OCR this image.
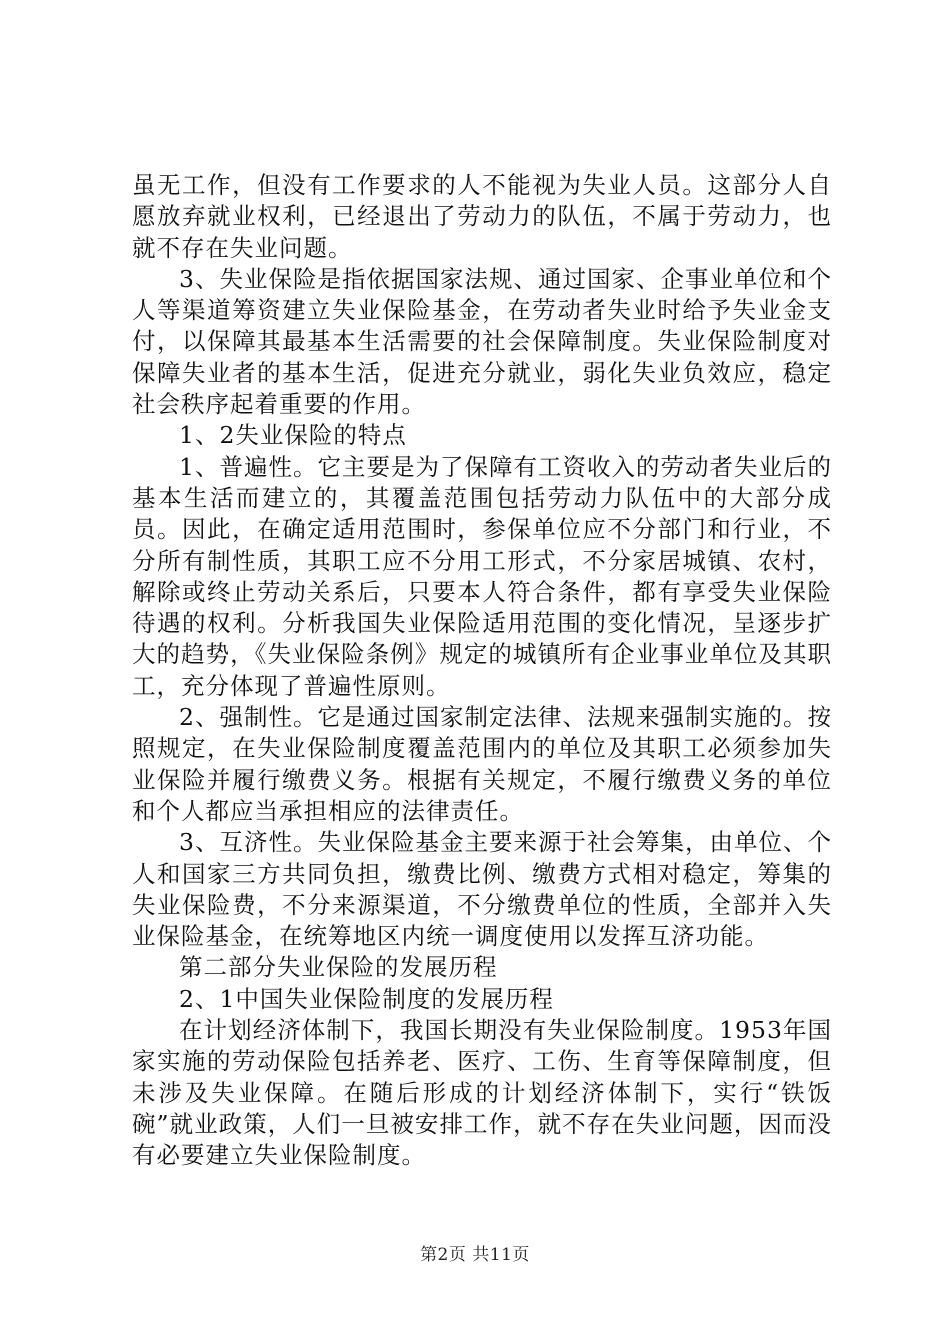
虽无工作，但没有工作要求的人不能视为失业人员。这部分人自愿放弃就业权利，已经退出了劳动力的队伍，不属于劳动力，也就不存在失业问题。

3、失业保险是指依据国家法规、通过国家、企事业单位和个人等渠道筹资建立失业保险基金，在劳动者失业时给予失业金支付，以保障其最基本生活需要的社会保障制度。失业保险制度对保障失业者的基本生活，促进充分就业，弱化失业负效应，稳定社会秩序起着重要的作用。

1、2失业保险的特点

1、普遍性。它主要是为了保障有工资收入的劳动者失业后的基本生活而建立的，其覆盖范围包括劳动力队伍中的大部分成员。因此，在确定适用范围时，参保单位应不分部门和行业，不分所有制性质，其职工应不分用工形式，不分家居城镇、农村，解除或终止劳动关系后，只要本人符合条件，都有享受失业保险待遇的权利。分析我国失业保险适用范围的变化情况，呈逐步扩大的趋势，《失业保险条例》规定的城镇所有企业事业单位及其职工，充分体现了普遍性原则。

2、强制性。它是通过国家制定法律、法规来强制实施的。按照规定，在失业保险制度覆盖范围内的单位及其职工必须参加失业保险并履行缴费义务。根据有关规定，不履行缴费义务的单位和个人都应当承担相应的法律责任。

3、互济性。失业保险基金主要来源于社会筹集，由单位、个人和国家三方共同负担，缴费比例、缴费方式相对稳定，筹集的失业保险费，不分来源渠道，不分缴费单位的性质，全部并入失业保险基金，在统筹地区内统一调度使用以发挥互济功能。

第二部分失业保险的发展历程

2、1中国失业保险制度的发展历程

在计划经济体制下，我国长期没有失业保险制度。1953年国家实施的劳动保险包括养老、医疗、工伤、生育等保障制度，但未涉及失业保障。在随后形成的计划经济体制下，实行“铁饭碗”就业政策，人们一旦被安排工作，就不存在失业问题，因而没有必要建立失业保险制度。

第2页 共11页
